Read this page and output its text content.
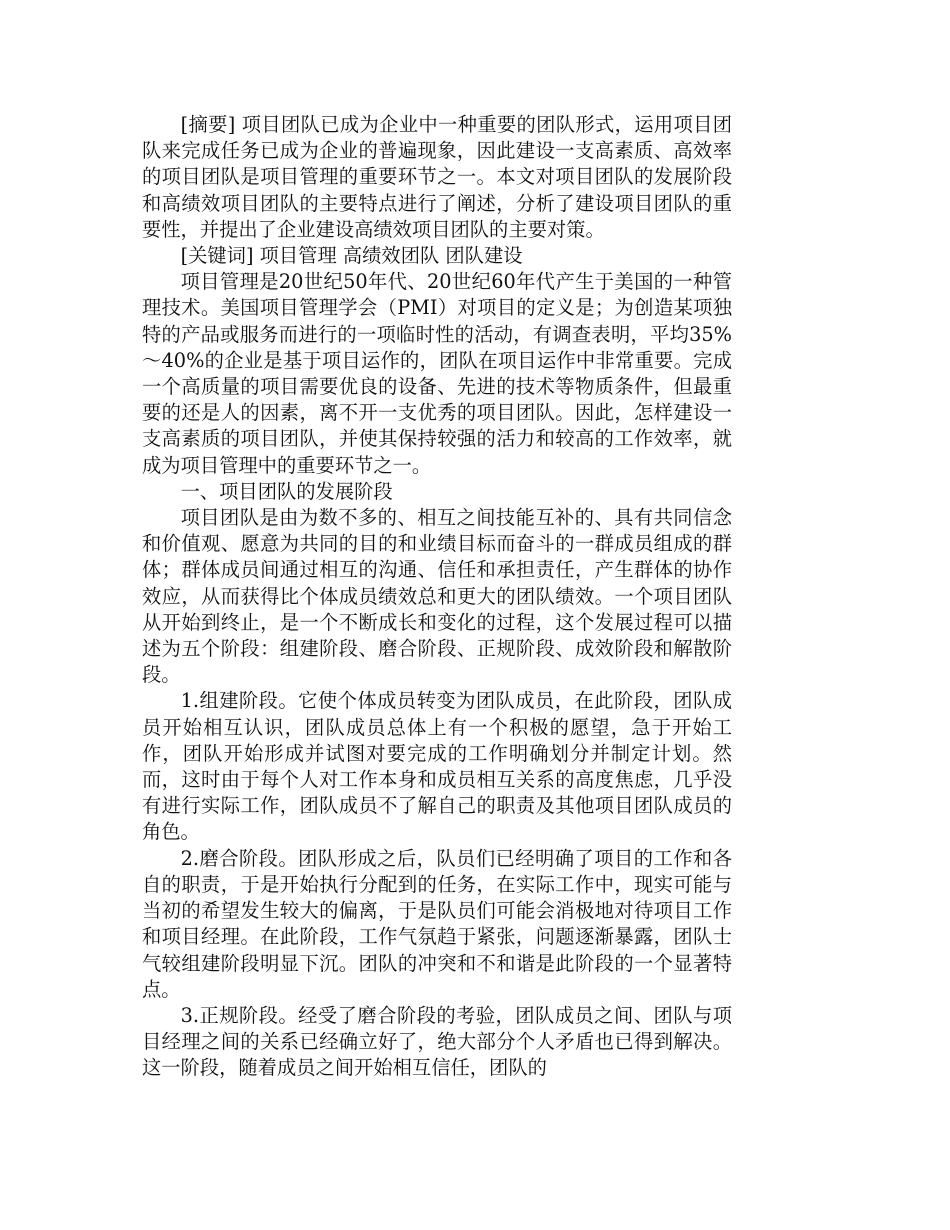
[摘要] 项目团队已成为企业中一种重要的团队形式，运用项目团队来完成任务已成为企业的普遍现象，因此建设一支高素质、高效率的项目团队是项目管理的重要环节之一。本文对项目团队的发展阶段和高绩效项目团队的主要特点进行了阐述，分析了建设项目团队的重要性，并提出了企业建设高绩效项目团队的主要对策。

[关键词] 项目管理 高绩效团队 团队建设

项目管理是20世纪50年代、20世纪60年代产生于美国的一种管理技术。美国项目管理学会（PMI）对项目的定义是；为创造某项独特的产品或服务而进行的一项临时性的活动，有调查表明，平均35%～40%的企业是基于项目运作的，团队在项目运作中非常重要。完成一个高质量的项目需要优良的设备、先进的技术等物质条件，但最重要的还是人的因素，离不开一支优秀的项目团队。因此，怎样建设一支高素质的项目团队，并使其保持较强的活力和较高的工作效率，就成为项目管理中的重要环节之一。

一、项目团队的发展阶段

项目团队是由为数不多的、相互之间技能互补的、具有共同信念和价值观、愿意为共同的目的和业绩目标而奋斗的一群成员组成的群体；群体成员间通过相互的沟通、信任和承担责任，产生群体的协作效应，从而获得比个体成员绩效总和更大的团队绩效。一个项目团队从开始到终止，是一个不断成长和变化的过程，这个发展过程可以描述为五个阶段：组建阶段、磨合阶段、正规阶段、成效阶段和解散阶段。

1.组建阶段。它使个体成员转变为团队成员，在此阶段，团队成员开始相互认识，团队成员总体上有一个积极的愿望，急于开始工作，团队开始形成并试图对要完成的工作明确划分并制定计划。然而，这时由于每个人对工作本身和成员相互关系的高度焦虑，几乎没有进行实际工作，团队成员不了解自己的职责及其他项目团队成员的角色。

2.磨合阶段。团队形成之后，队员们已经明确了项目的工作和各自的职责，于是开始执行分配到的任务，在实际工作中，现实可能与当初的希望发生较大的偏离，于是队员们可能会消极地对待项目工作和项目经理。在此阶段，工作气氛趋于紧张，问题逐渐暴露，团队士气较组建阶段明显下沉。团队的冲突和不和谐是此阶段的一个显著特点。

3.正规阶段。经受了磨合阶段的考验，团队成员之间、团队与项目经理之间的关系已经确立好了，绝大部分个人矛盾也已得到解决。这一阶段，随着成员之间开始相互信任，团队的
